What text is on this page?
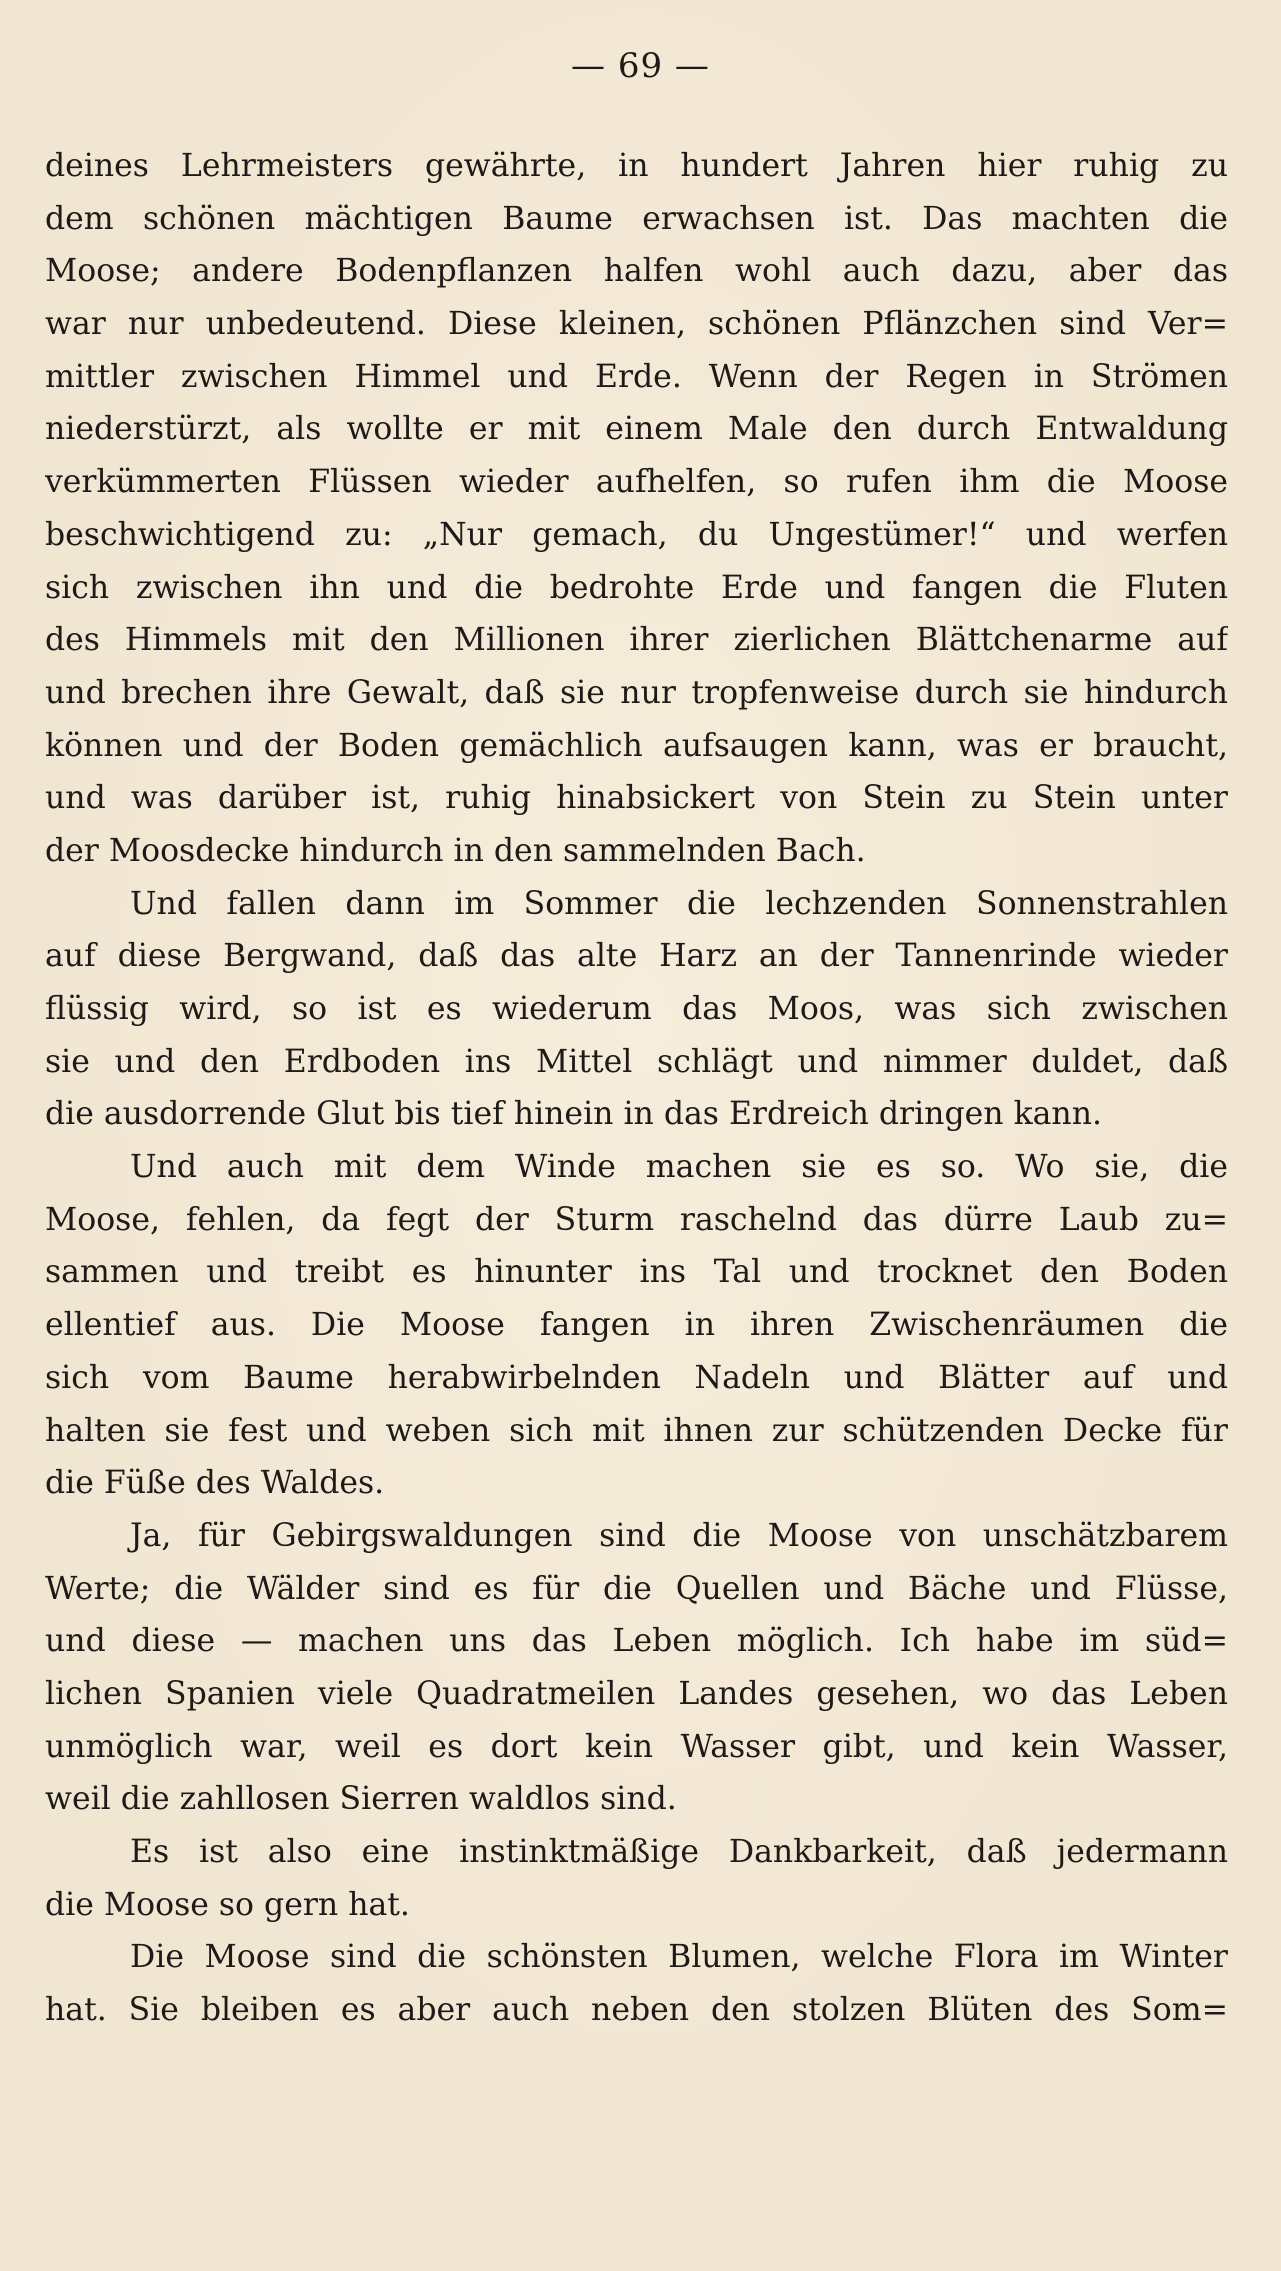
— 69 —
deines Lehrmeisters gewährte, in hundert Jahren hier ruhig zu
dem schönen mächtigen Baume erwachsen ist. Das machten die
Moose; andere Bodenpflanzen halfen wohl auch dazu, aber das
war nur unbedeutend. Diese kleinen, schönen Pflänzchen sind Ver=
mittler zwischen Himmel und Erde. Wenn der Regen in Strömen
niederstürzt, als wollte er mit einem Male den durch Entwaldung
verkümmerten Flüssen wieder aufhelfen, so rufen ihm die Moose
beschwichtigend zu: „Nur gemach, du Ungestümer!“ und werfen
sich zwischen ihn und die bedrohte Erde und fangen die Fluten
des Himmels mit den Millionen ihrer zierlichen Blättchenarme auf
und brechen ihre Gewalt, daß sie nur tropfenweise durch sie hindurch
können und der Boden gemächlich aufsaugen kann, was er braucht,
und was darüber ist, ruhig hinabsickert von Stein zu Stein unter
der Moosdecke hindurch in den sammelnden Bach.
Und fallen dann im Sommer die lechzenden Sonnenstrahlen
auf diese Bergwand, daß das alte Harz an der Tannenrinde wieder
flüssig wird, so ist es wiederum das Moos, was sich zwischen
sie und den Erdboden ins Mittel schlägt und nimmer duldet, daß
die ausdorrende Glut bis tief hinein in das Erdreich dringen kann.
Und auch mit dem Winde machen sie es so. Wo sie, die
Moose, fehlen, da fegt der Sturm raschelnd das dürre Laub zu=
sammen und treibt es hinunter ins Tal und trocknet den Boden
ellentief aus. Die Moose fangen in ihren Zwischenräumen die
sich vom Baume herabwirbelnden Nadeln und Blätter auf und
halten sie fest und weben sich mit ihnen zur schützenden Decke für
die Füße des Waldes.
Ja, für Gebirgswaldungen sind die Moose von unschätzbarem
Werte; die Wälder sind es für die Quellen und Bäche und Flüsse,
und diese — machen uns das Leben möglich. Ich habe im süd=
lichen Spanien viele Quadratmeilen Landes gesehen, wo das Leben
unmöglich war, weil es dort kein Wasser gibt, und kein Wasser,
weil die zahllosen Sierren waldlos sind.
Es ist also eine instinktmäßige Dankbarkeit, daß jedermann
die Moose so gern hat.
Die Moose sind die schönsten Blumen, welche Flora im Winter
hat. Sie bleiben es aber auch neben den stolzen Blüten des Som=
